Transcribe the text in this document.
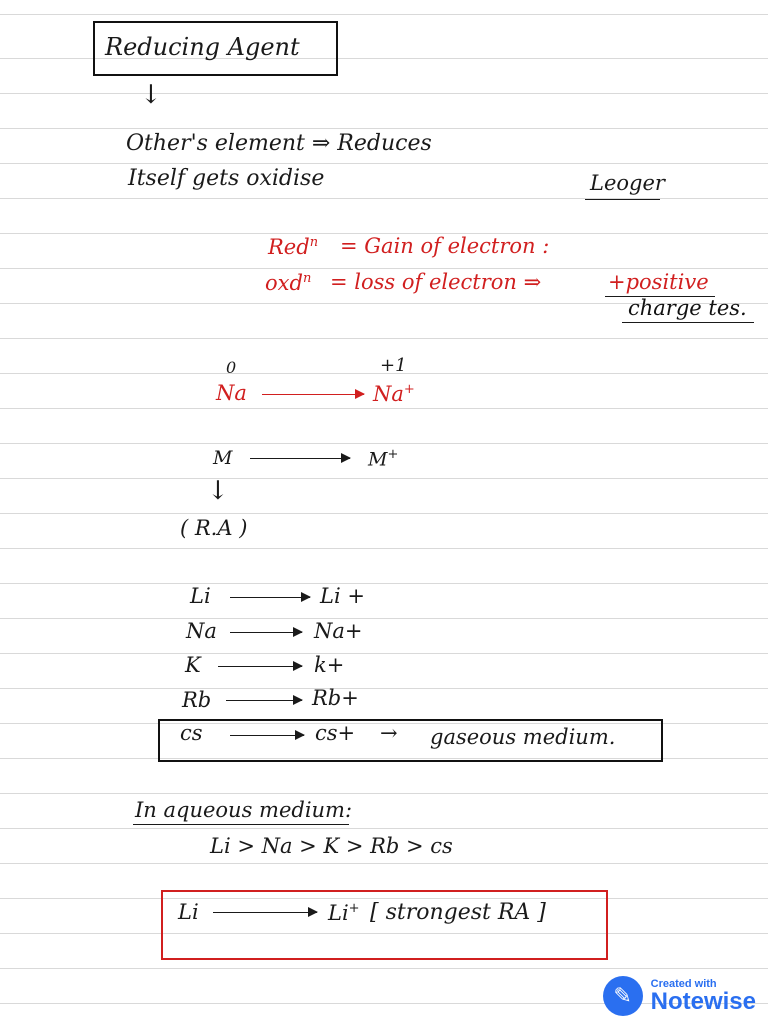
Reducing Agent
↓
Other's element ⇒ Reduces
Itself gets oxidise	Leoger
Red$^n$ = Gain of electron :
oxd$^n$ = loss of electron ⇒	+positive
charge tes.
0	+1
Na	Na+
M	M+
↓
( R.A )
Li	Li +
Na	Na+
K	k+
Rb	Rb+
cs	cs+ → gaseous medium.
In aqueous medium:
Li > Na > K > Rb > cs
Li	Li+ [ strongest RA ]
✎	Created with
Notewise
